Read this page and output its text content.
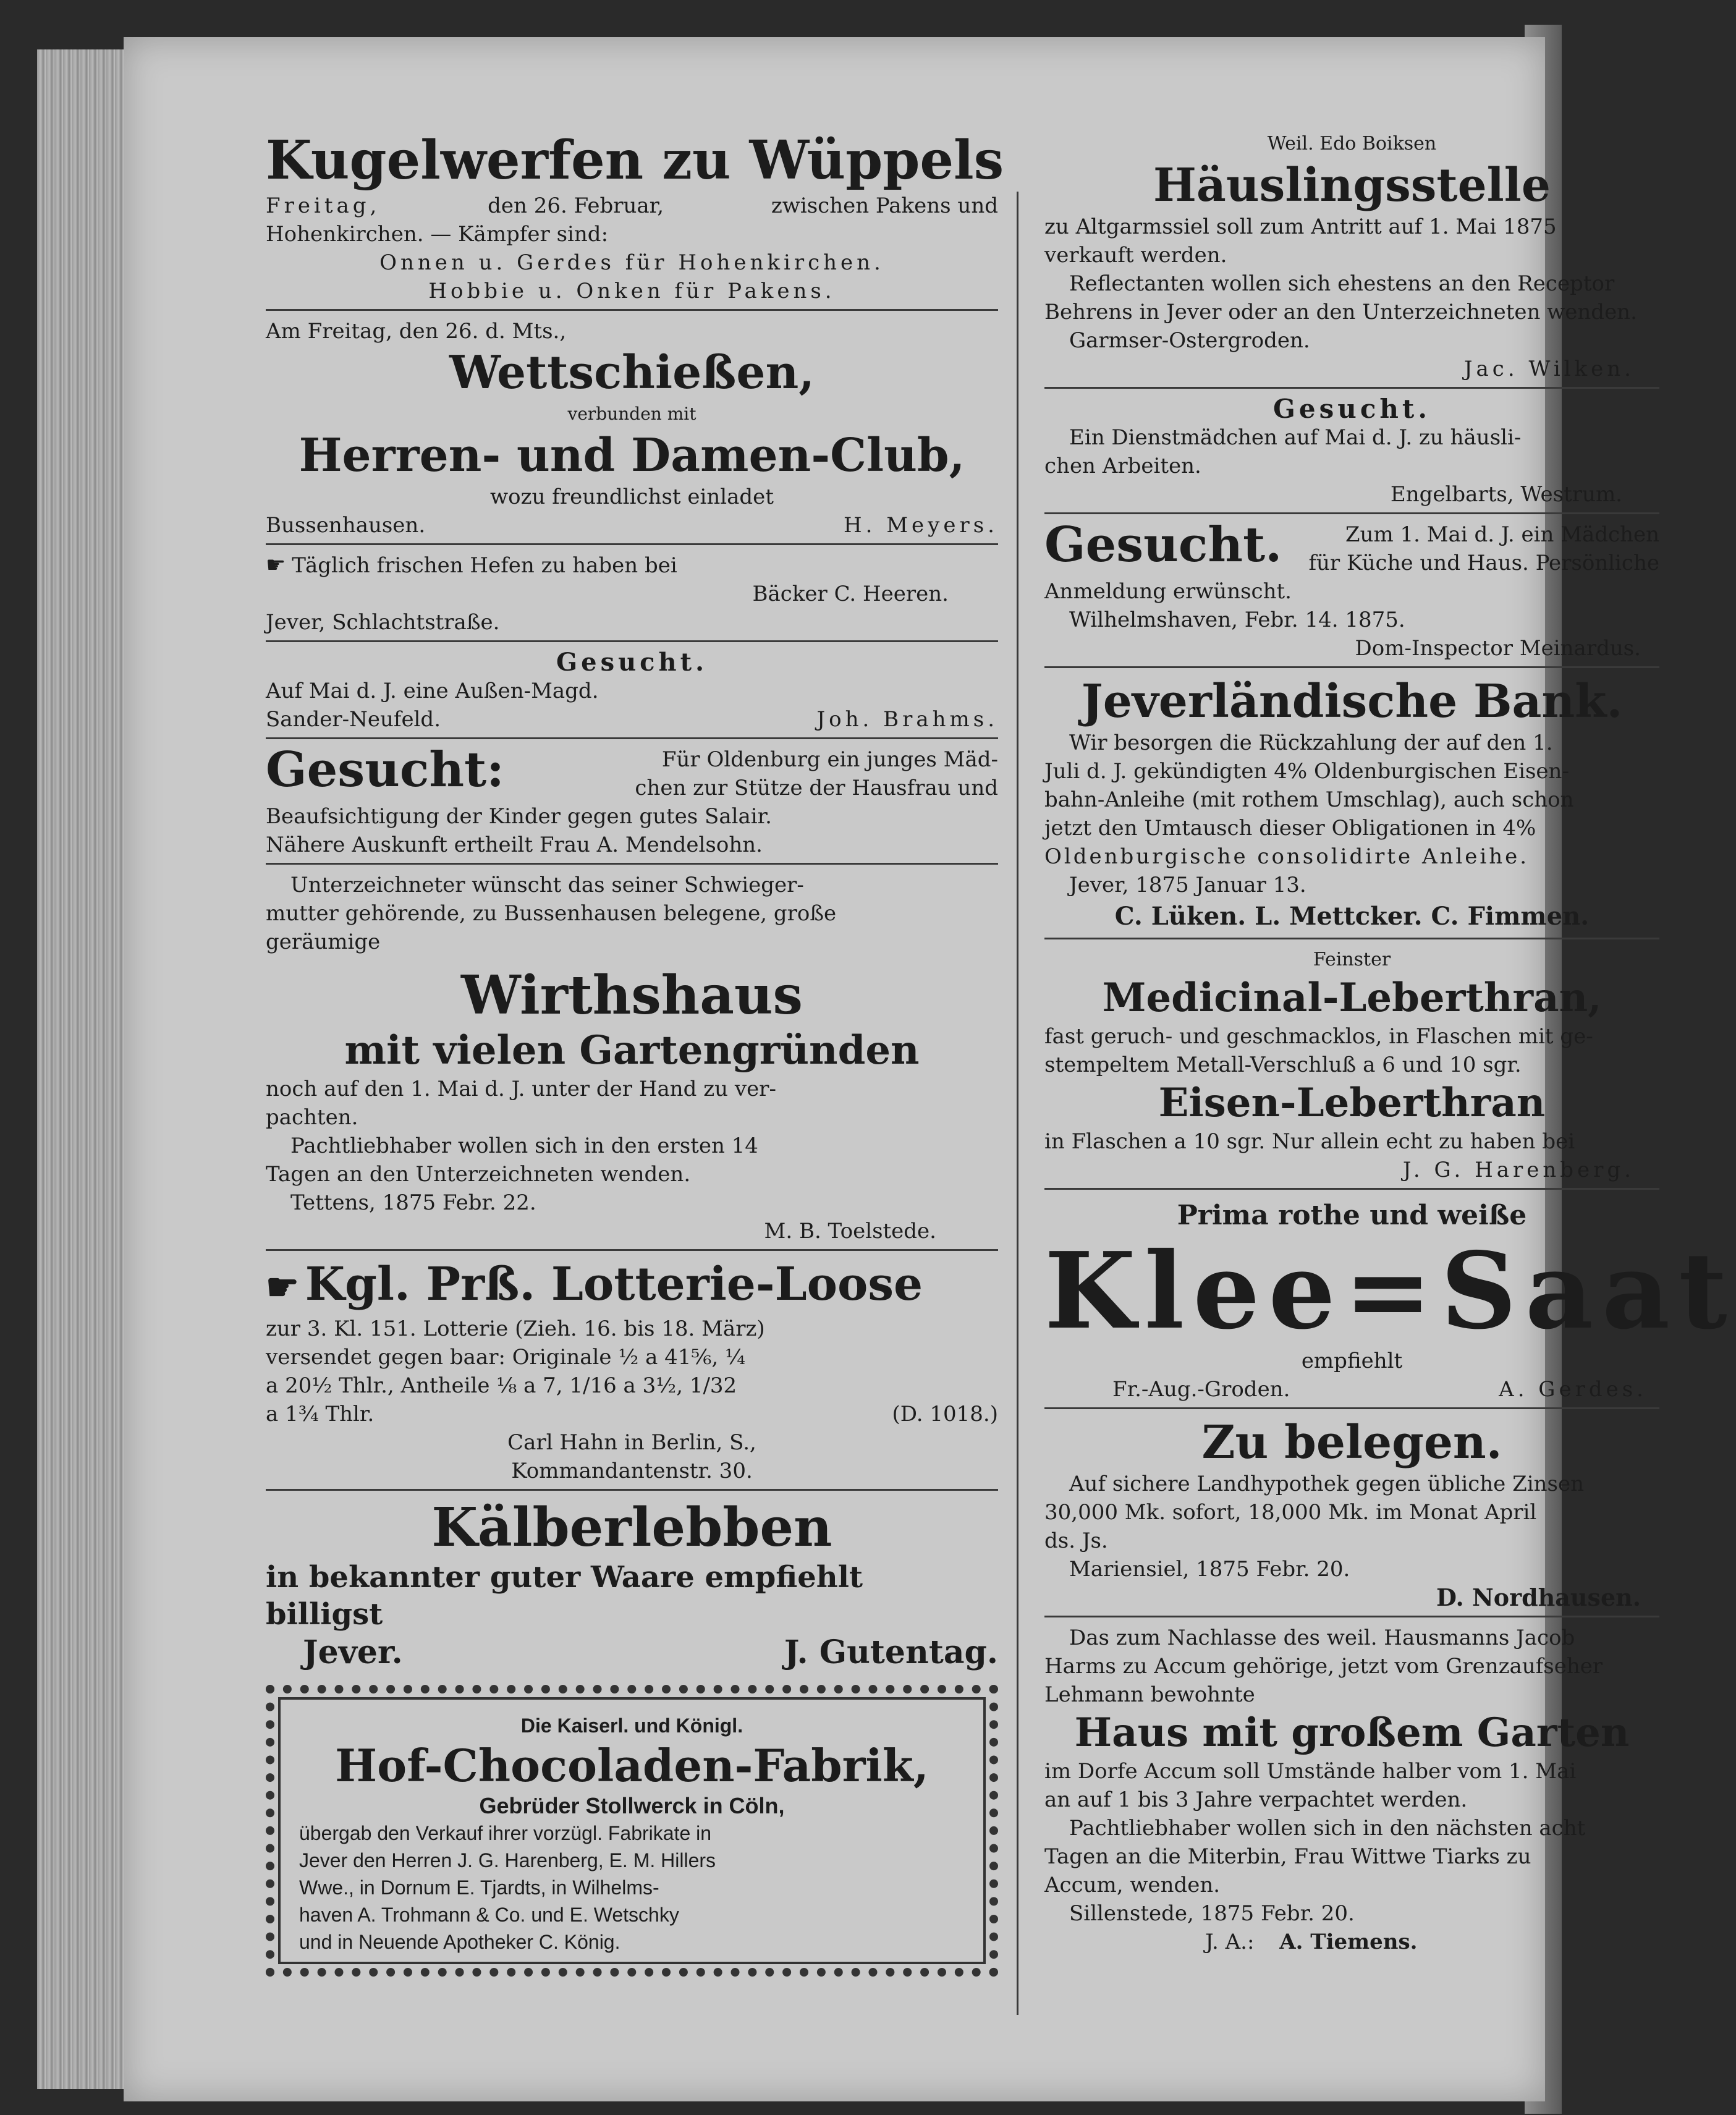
Kugelwerfen zu Wüppels
Freitag,	den 26. Februar,	zwischen Pakens und
Hohenkirchen. — Kämpfer sind:
Onnen u. Gerdes für Hohenkirchen.
Hobbie u. Onken für Pakens.
Am Freitag, den 26. d. Mts.,
Wettschießen,
verbunden mit
Herren- und Damen-Club,
wozu freundlichst einladet
Bussenhausen.	H. Meyers.
☛ Täglich frischen Hefen zu haben bei
Bäcker C. Heeren.
Jever, Schlachtstraße.
Gesucht.
Auf Mai d. J. eine Außen-Magd.
Sander-Neufeld.	Joh. Brahms.
Gesucht:	Für Oldenburg ein junges Mäd-
chen zur Stütze der Hausfrau und
Beaufsichtigung der Kinder gegen gutes Salair.
Nähere Auskunft ertheilt Frau A. Mendelsohn.
Unterzeichneter wünscht das seiner Schwieger-
mutter gehörende, zu Bussenhausen belegene, große
geräumige
Wirthshaus
mit vielen Gartengründen
noch auf den 1. Mai d. J. unter der Hand zu ver-
pachten.
Pachtliebhaber wollen sich in den ersten 14
Tagen an den Unterzeichneten wenden.
Tettens, 1875 Febr. 22.
M. B. Toelstede.
☛ Kgl. Prß. Lotterie-Loose
zur 3. Kl. 151. Lotterie (Zieh. 16. bis 18. März)
versendet gegen baar: Originale ½ a 41⅚, ¼
a 20½ Thlr., Antheile ⅛ a 7, 1/16 a 3½, 1/32
a 1¾ Thlr.	(D. 1018.)
Carl Hahn in Berlin, S.,
Kommandantenstr. 30.
Kälberlebben
in bekannter guter Waare empfiehlt
billigst
Jever.	J. Gutentag.
Die Kaiserl. und Königl.
Hof-Chocoladen-Fabrik,
Gebrüder Stollwerck in Cöln,
übergab den Verkauf ihrer vorzügl. Fabrikate in
Jever den Herren J. G. Harenberg, E. M. Hillers
Wwe., in Dornum E. Tjardts, in Wilhelms-
haven A. Trohmann & Co. und E. Wetschky
und in Neuende Apotheker C. König.
Weil. Edo Boiksen
Häuslingsstelle
zu Altgarmssiel soll zum Antritt auf 1. Mai 1875
verkauft werden.
Reflectanten wollen sich ehestens an den Receptor
Behrens in Jever oder an den Unterzeichneten wenden.
Garmser-Ostergroden.
Jac. Wilken.
Gesucht.
Ein Dienstmädchen auf Mai d. J. zu häusli-
chen Arbeiten.
Engelbarts, Westrum.
Gesucht.	Zum 1. Mai d. J. ein Mädchen
für Küche und Haus. Persönliche
Anmeldung erwünscht.
Wilhelmshaven, Febr. 14. 1875.
Dom-Inspector Meinardus.
Jeverländische Bank.
Wir besorgen die Rückzahlung der auf den 1.
Juli d. J. gekündigten 4% Oldenburgischen Eisen-
bahn-Anleihe (mit rothem Umschlag), auch schon
jetzt den Umtausch dieser Obligationen in 4%
Oldenburgische consolidirte Anleihe.
Jever, 1875 Januar 13.
C. Lüken. L. Mettcker. C. Fimmen.
Feinster
Medicinal-Leberthran,
fast geruch- und geschmacklos, in Flaschen mit ge-
stempeltem Metall-Verschluß a 6 und 10 sgr.
Eisen-Leberthran
in Flaschen a 10 sgr. Nur allein echt zu haben bei
J. G. Harenberg.
Prima rothe und weiße
Klee=Saat
empfiehlt
Fr.-Aug.-Groden.	A. Gerdes.
Zu belegen.
Auf sichere Landhypothek gegen übliche Zinsen
30,000 Mk. sofort, 18,000 Mk. im Monat April
ds. Js.
Mariensiel, 1875 Febr. 20.
D. Nordhausen.
Das zum Nachlasse des weil. Hausmanns Jacob
Harms zu Accum gehörige, jetzt vom Grenzaufseher
Lehmann bewohnte
Haus mit großem Garten
im Dorfe Accum soll Umstände halber vom 1. Mai
an auf 1 bis 3 Jahre verpachtet werden.
Pachtliebhaber wollen sich in den nächsten acht
Tagen an die Miterbin, Frau Wittwe Tiarks zu
Accum, wenden.
Sillenstede, 1875 Febr. 20.
J. A.: A. Tiemens.
